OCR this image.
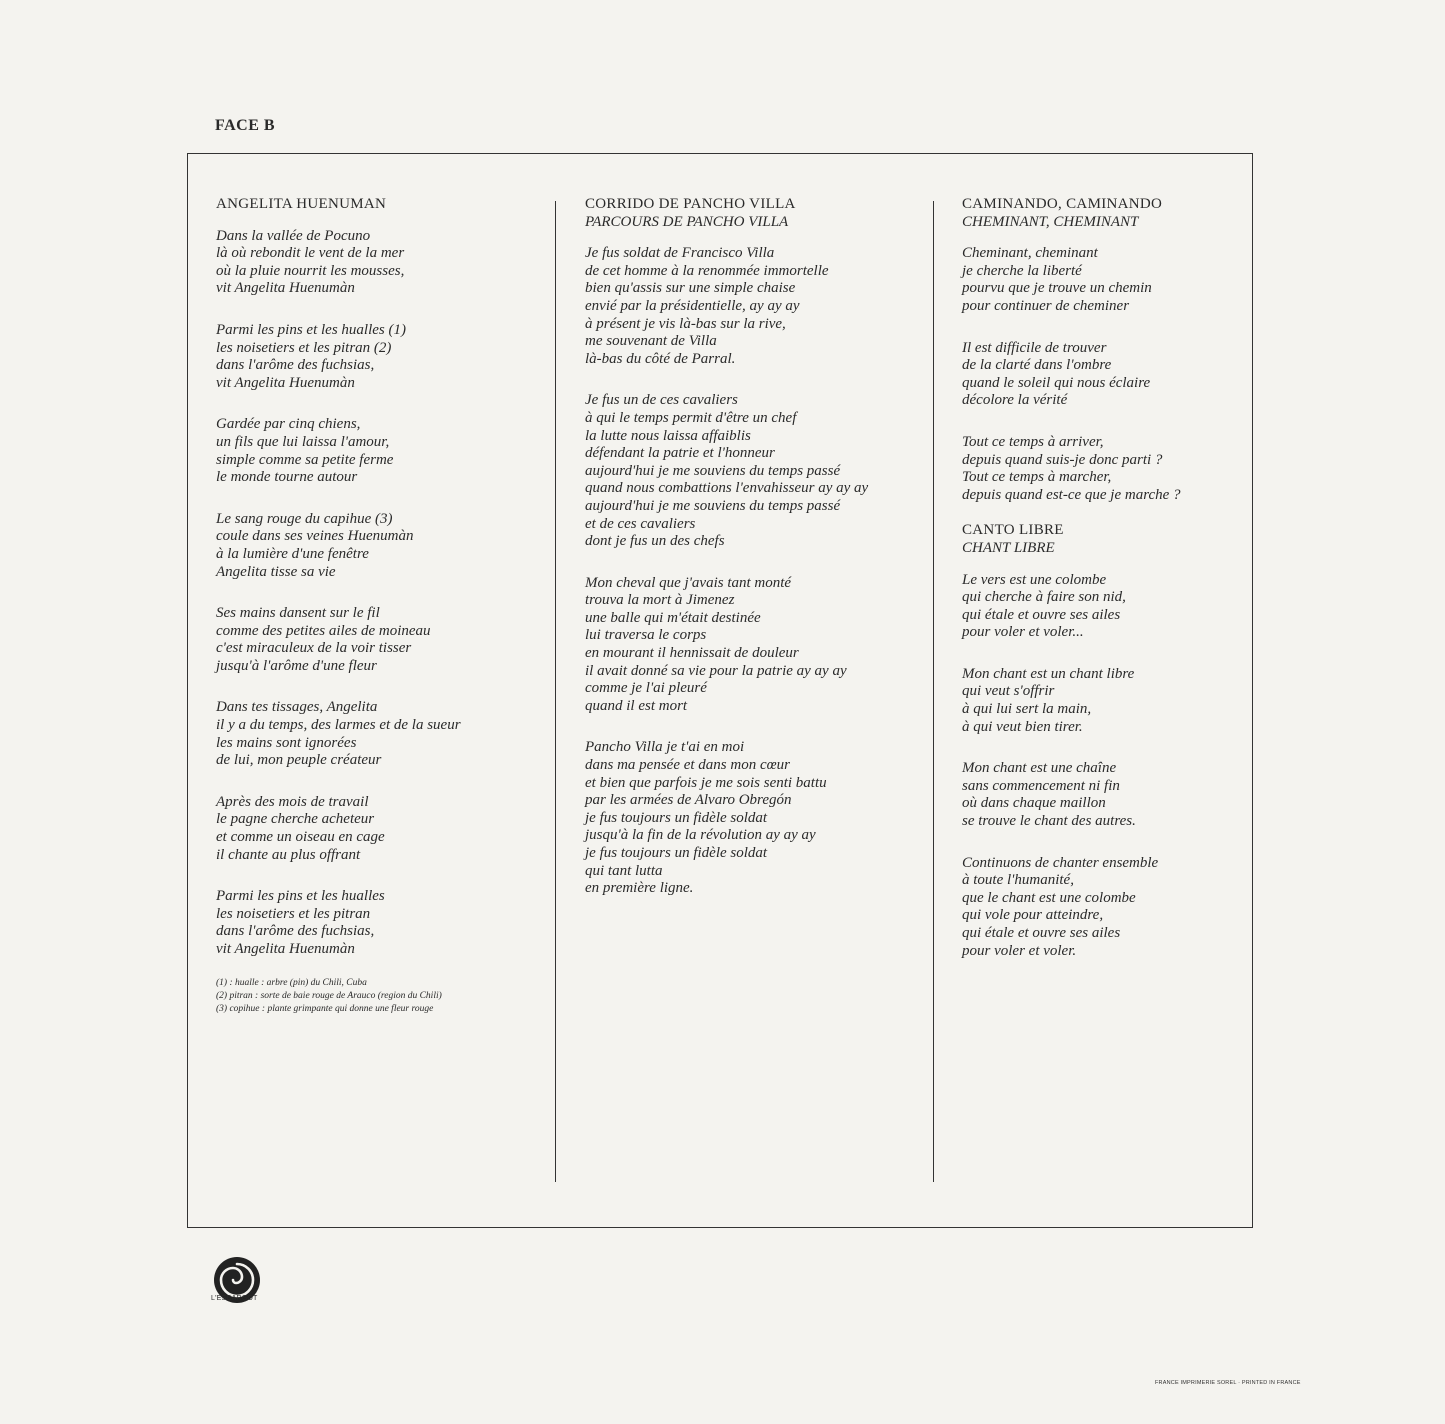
FACE B
ANGELITA HUENUMAN
Dans la vallée de Pocuno
là où rebondit le vent de la mer
où la pluie nourrit les mousses,
vit Angelita Huenumàn
Parmi les pins et les hualles (1)
les noisetiers et les pitran (2)
dans l'arôme des fuchsias,
vit Angelita Huenumàn
Gardée par cinq chiens,
un fils que lui laissa l'amour,
simple comme sa petite ferme
le monde tourne autour
Le sang rouge du capihue (3)
coule dans ses veines Huenumàn
à la lumière d'une fenêtre
Angelita tisse sa vie
Ses mains dansent sur le fil
comme des petites ailes de moineau
c'est miraculeux de la voir tisser
jusqu'à l'arôme d'une fleur
Dans tes tissages, Angelita
il y a du temps, des larmes et de la sueur
les mains sont ignorées
de lui, mon peuple créateur
Après des mois de travail
le pagne cherche acheteur
et comme un oiseau en cage
il chante au plus offrant
Parmi les pins et les hualles
les noisetiers et les pitran
dans l'arôme des fuchsias,
vit Angelita Huenumàn
(1) : hualle : arbre (pin) du Chili, Cuba
(2) pitran : sorte de baie rouge de Arauco (region du Chili)
(3) copihue : plante grimpante qui donne une fleur rouge
CORRIDO DE PANCHO VILLA
PARCOURS DE PANCHO VILLA
Je fus soldat de Francisco Villa
de cet homme à la renommée immortelle
bien qu'assis sur une simple chaise
envié par la présidentielle, ay ay ay
à présent je vis là-bas sur la rive,
me souvenant de Villa
là-bas du côté de Parral.
Je fus un de ces cavaliers
à qui le temps permit d'être un chef
la lutte nous laissa affaiblis
défendant la patrie et l'honneur
aujourd'hui je me souviens du temps passé
quand nous combattions l'envahisseur ay ay ay
aujourd'hui je me souviens du temps passé
et de ces cavaliers
dont je fus un des chefs
Mon cheval que j'avais tant monté
trouva la mort à Jimenez
une balle qui m'était destinée
lui traversa le corps
en mourant il hennissait de douleur
il avait donné sa vie pour la patrie ay ay ay
comme je l'ai pleuré
quand il est mort
Pancho Villa je t'ai en moi
dans ma pensée et dans mon cœur
et bien que parfois je me sois senti battu
par les armées de Alvaro Obregón
je fus toujours un fidèle soldat
jusqu'à la fin de la révolution ay ay ay
je fus toujours un fidèle soldat
qui tant lutta
en première ligne.
CAMINANDO, CAMINANDO
CHEMINANT, CHEMINANT
Cheminant, cheminant
je cherche la liberté
pourvu que je trouve un chemin
pour continuer de cheminer
Il est difficile de trouver
de la clarté dans l'ombre
quand le soleil qui nous éclaire
décolore la vérité
Tout ce temps à arriver,
depuis quand suis-je donc parti ?
Tout ce temps à marcher,
depuis quand est-ce que je marche ?
CANTO LIBRE
CHANT LIBRE
Le vers est une colombe
qui cherche à faire son nid,
qui étale et ouvre ses ailes
pour voler et voler...
Mon chant est un chant libre
qui veut s'offrir
à qui lui sert la main,
à qui veut bien tirer.
Mon chant est une chaîne
sans commencement ni fin
où dans chaque maillon
se trouve le chant des autres.
Continuons de chanter ensemble
à toute l'humanité,
que le chant est une colombe
qui vole pour atteindre,
qui étale et ouvre ses ailes
pour voler et voler.
L'ESCARGOT
FRANCE IMPRIMERIE SOREL · PRINTED IN FRANCE
